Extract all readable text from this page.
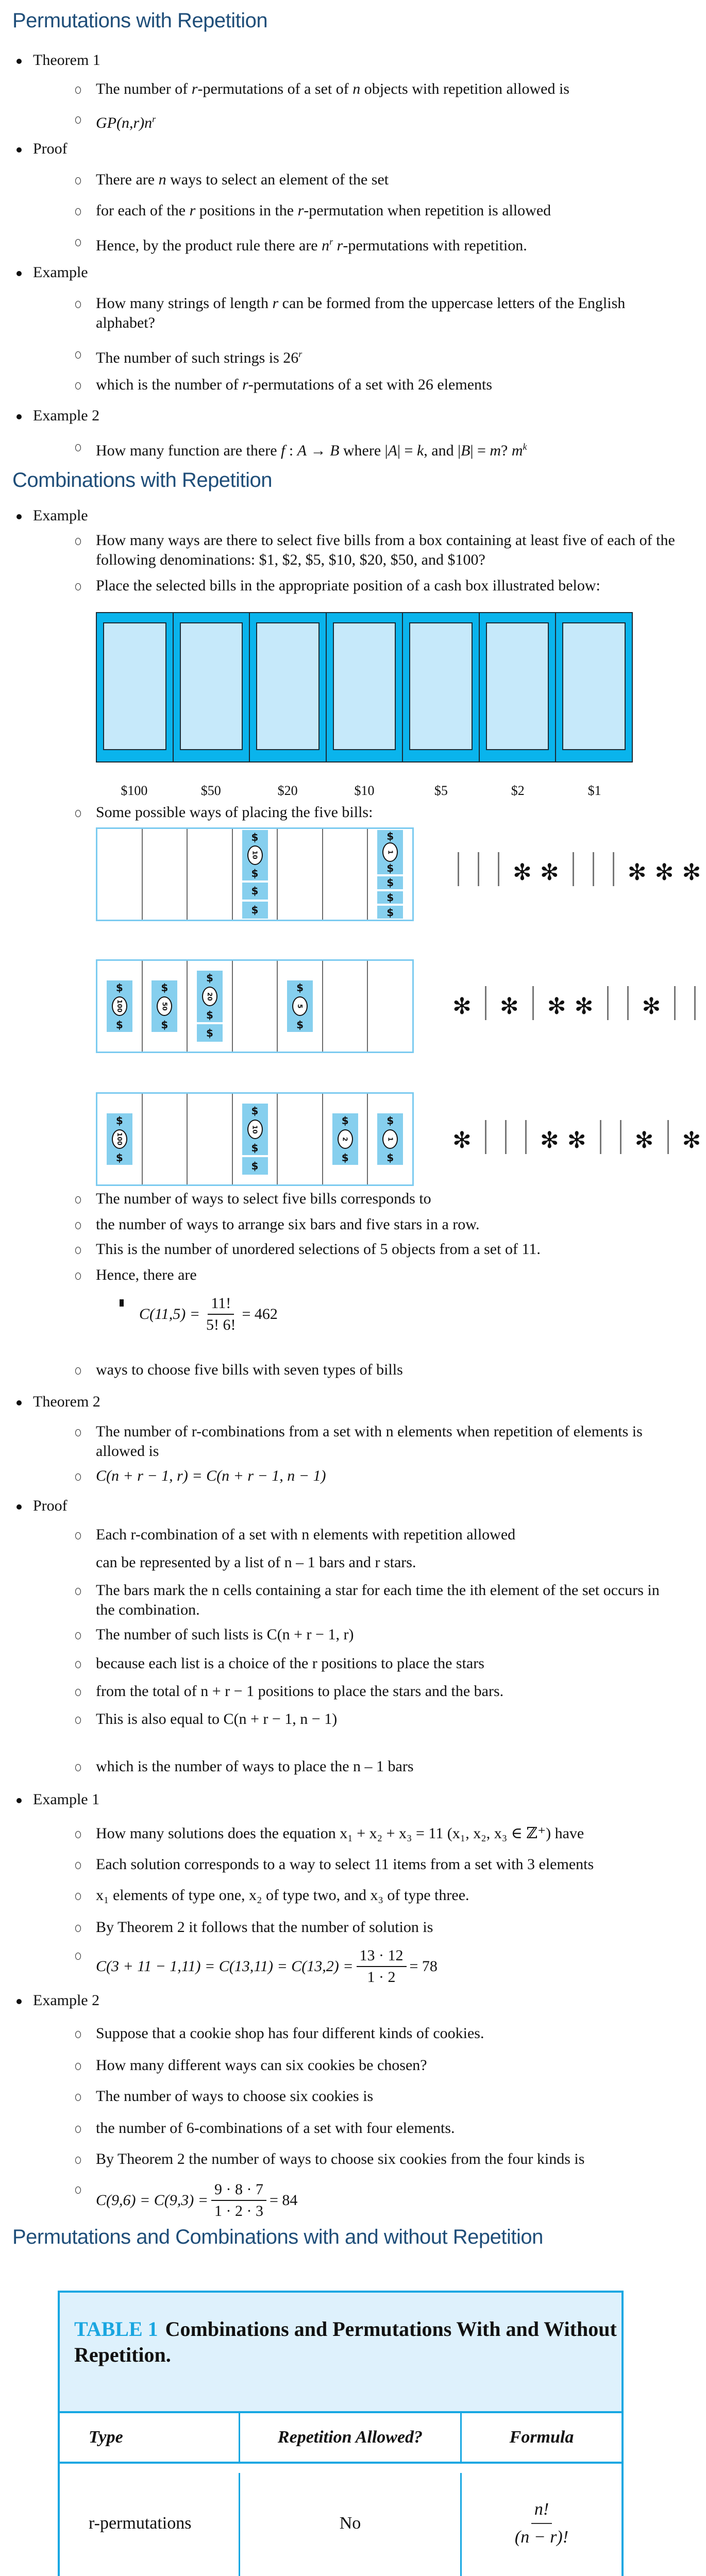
Permutations with Repetition
Theorem 1
The number of r-permutations of a set of n objects with repetition allowed is
$GP(n,r)n^r$
Proof
There are n ways to select an element of the set
for each of the r positions in the r-permutation when repetition is allowed
Hence, by the product rule there are $n^r$ r-permutations with repetition.
Example
How many strings of length r can be formed from the uppercase letters of the English alphabet?
The number of such strings is 26$^r$
which is the number of r-permutations of a set with 26 elements
Example 2
How many function are there f : A → B where |A| = k, and |B| = m? $m^k$
Combinations with Repetition
Example
How many ways are there to select five bills from a box containing at least five of each of the following denominations: $1, $2, $5, $10, $20, $50, and $100?
Place the selected bills in the appropriate position of a cash box illustrated below:
$100	$50	$20	$10	$5	$2	$1
Some possible ways of placing the five bills:
$
10
$
$
$
$
1
$
$
$
$
✻ ✻	✻ ✻ ✻
$
100
$
$
50
$
$
20
$
$
$
5
$
✻ ✻ ✻ ✻ ✻
$
100
$
$
10
$
$
$
2
$
$
1
$
✻	✻ ✻ ✻ ✻
The number of ways to select five bills corresponds to
the number of ways to arrange six bars and five stars in a row.
This is the number of unordered selections of 5 objects from a set of 11.
Hence, there are
$C(11,5) = \frac{11!}{5! 6!} = 462$
ways to choose five bills with seven types of bills
Theorem 2
The number of r-combinations from a set with n elements when repetition of elements is allowed is
C(n + r − 1, r) = C(n + r − 1, n − 1)
Proof
Each r-combination of a set with n elements with repetition allowed
can be represented by a list of n – 1 bars and r stars.
The bars mark the n cells containing a star for each time the ith element of the set occurs in the combination.
The number of such lists is C(n + r − 1, r)
because each list is a choice of the r positions to place the stars
from the total of n + r − 1 positions to place the stars and the bars.
This is also equal to C(n + r − 1, n − 1)
which is the number of ways to place the n – 1 bars
Example 1
How many solutions does the equation x₁ + x₂ + x₃ = 11 (x₁, x₂, x₃ ∈ ℤ⁺) have
Each solution corresponds to a way to select 11 items from a set with 3 elements
x₁ elements of type one, x₂ of type two, and x₃ of type three.
By Theorem 2 it follows that the number of solution is
$C(3 + 11 - 1,11) = C(13,11) = C(13,2) = \frac{13 \cdot 12}{1 \cdot 2} = 78$
Example 2
Suppose that a cookie shop has four different kinds of cookies.
How many different ways can six cookies be chosen?
The number of ways to choose six cookies is
the number of 6-combinations of a set with four elements.
By Theorem 2 the number of ways to choose six cookies from the four kinds is
$C(9,6) = C(9,3) = \frac{9 \cdot 8 \cdot 7}{1 \cdot 2 \cdot 3} = 84$
Permutations and Combinations with and without Repetition
TABLE 1 Combinations and Permutations With and Without Repetition.
Type	Repetition Allowed?	Formula
r-permutations	No	$\frac{n!}{(n - r)!}$
